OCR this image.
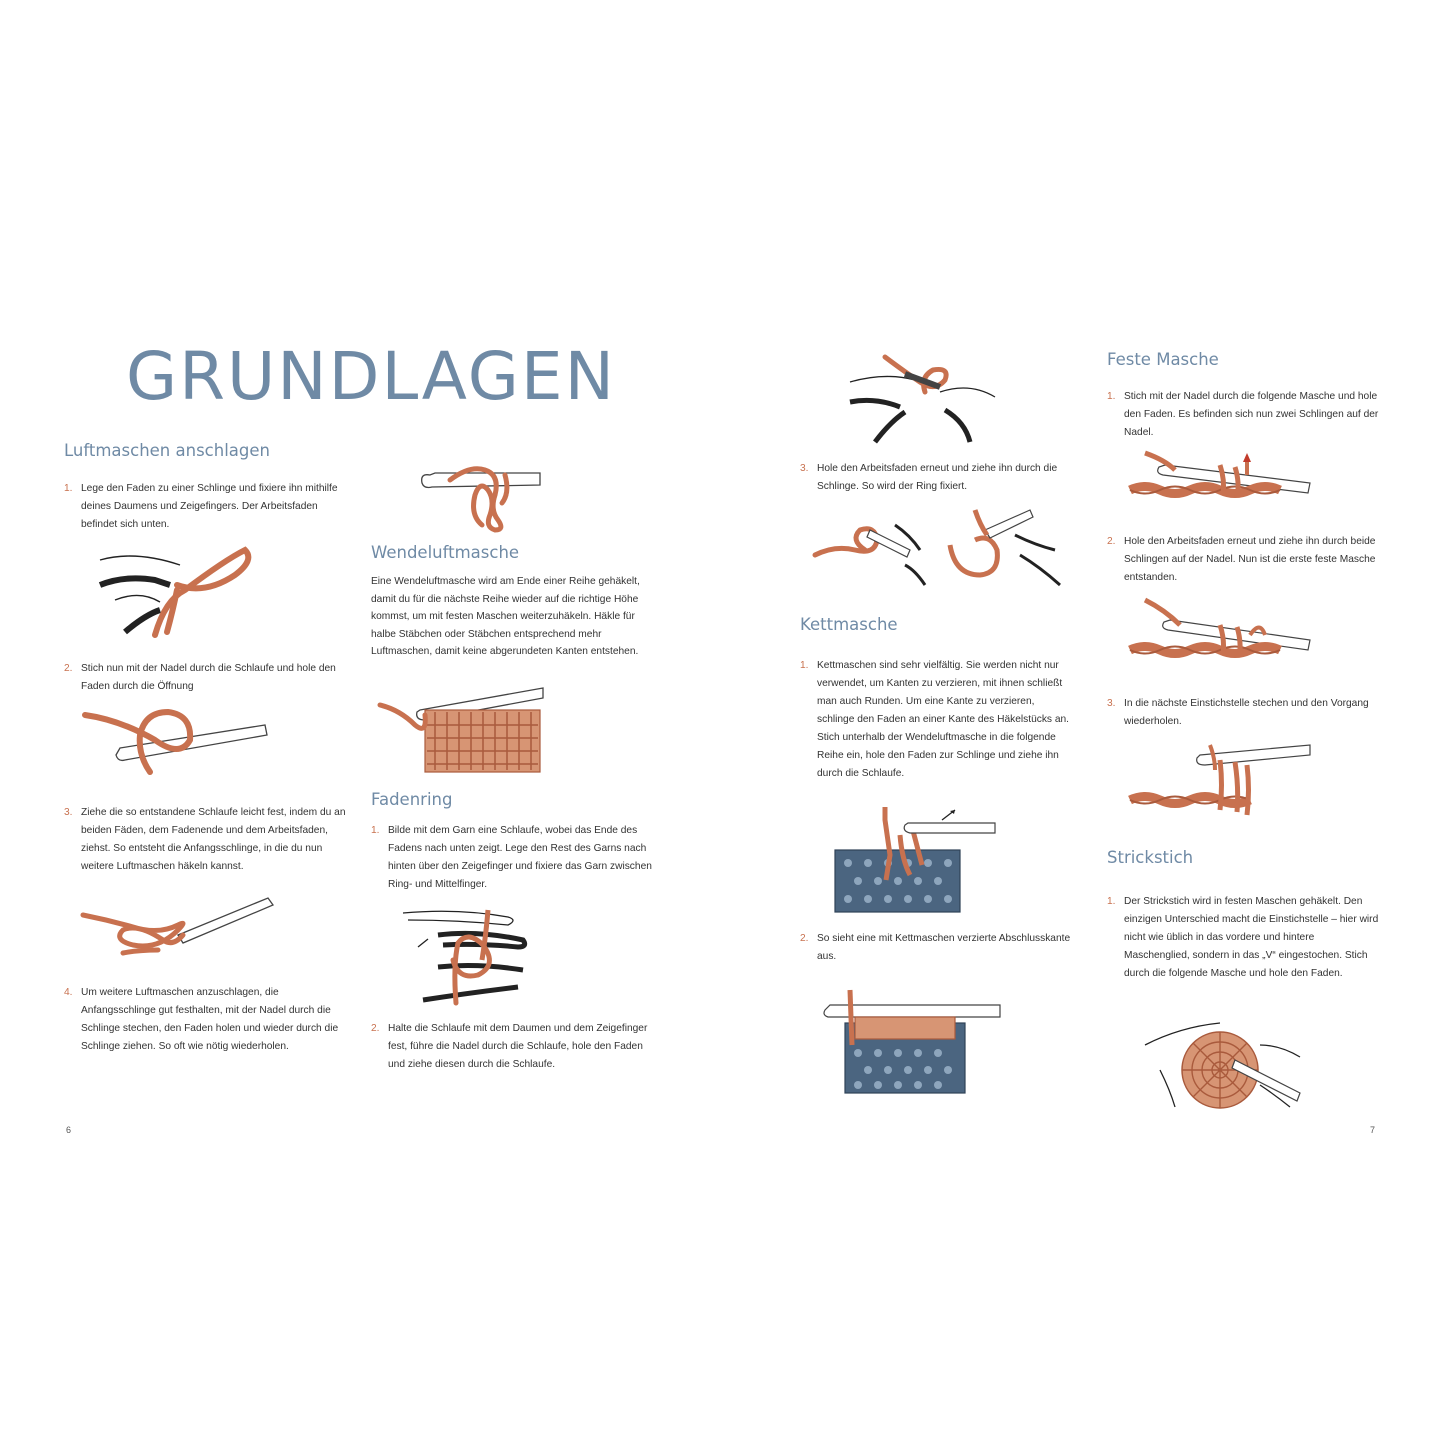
GRUNDLAGEN
Luftmaschen anschlagen
1. Lege den Faden zu einer Schlinge und fixiere ihn mithilfe deines Daumens und Zeigefingers. Der Arbeitsfaden befindet sich unten.
2. Stich nun mit der Nadel durch die Schlaufe und hole den Faden durch die Öffnung
3. Ziehe die so entstandene Schlaufe leicht fest, indem du an beiden Fäden, dem Fadenende und dem Arbeitsfaden, ziehst. So entsteht die Anfangsschlinge, in die du nun weitere Luftmaschen häkeln kannst.
4. Um weitere Luftmaschen anzuschlagen, die Anfangsschlinge gut festhalten, mit der Nadel durch die Schlinge stechen, den Faden holen und wieder durch die Schlinge ziehen. So oft wie nötig wiederholen.
6
Wendeluftmasche
Eine Wendeluftmasche wird am Ende einer Reihe gehäkelt, damit du für die nächste Reihe wieder auf die richtige Höhe kommst, um mit festen Maschen weiterzuhäkeln. Häkle für halbe Stäbchen oder Stäbchen entsprechend mehr Luftmaschen, damit keine abgerundeten Kanten entstehen.
Fadenring
1. Bilde mit dem Garn eine Schlaufe, wobei das Ende des Fadens nach unten zeigt. Lege den Rest des Garns nach hinten über den Zeigefinger und fixiere das Garn zwischen Ring- und Mittelfinger.
2. Halte die Schlaufe mit dem Daumen und dem Zeigefinger fest, führe die Nadel durch die Schlaufe, hole den Faden und ziehe diesen durch die Schlaufe.
3. Hole den Arbeitsfaden erneut und ziehe ihn durch die Schlinge. So wird der Ring fixiert.
Kettmasche
1. Kettmaschen sind sehr vielfältig. Sie werden nicht nur verwendet, um Kanten zu verzieren, mit ihnen schließt man auch Runden. Um eine Kante zu verzieren, schlinge den Faden an einer Kante des Häkelstücks an. Stich unterhalb der Wendeluftmasche in die folgende Reihe ein, hole den Faden zur Schlinge und ziehe ihn durch die Schlaufe.
2. So sieht eine mit Kettmaschen verzierte Abschlusskante aus.
7
Feste Masche
1. Stich mit der Nadel durch die folgende Masche und hole den Faden. Es befinden sich nun zwei Schlingen auf der Nadel.
2. Hole den Arbeitsfaden erneut und ziehe ihn durch beide Schlingen auf der Nadel. Nun ist die erste feste Masche entstanden.
3. In die nächste Einstichstelle stechen und den Vorgang wiederholen.
Strickstich
1. Der Strickstich wird in festen Maschen gehäkelt. Den einzigen Unterschied macht die Einstichstelle – hier wird nicht wie üblich in das vordere und hintere Maschenglied, sondern in das „V“ eingestochen. Stich durch die folgende Masche und hole den Faden.
